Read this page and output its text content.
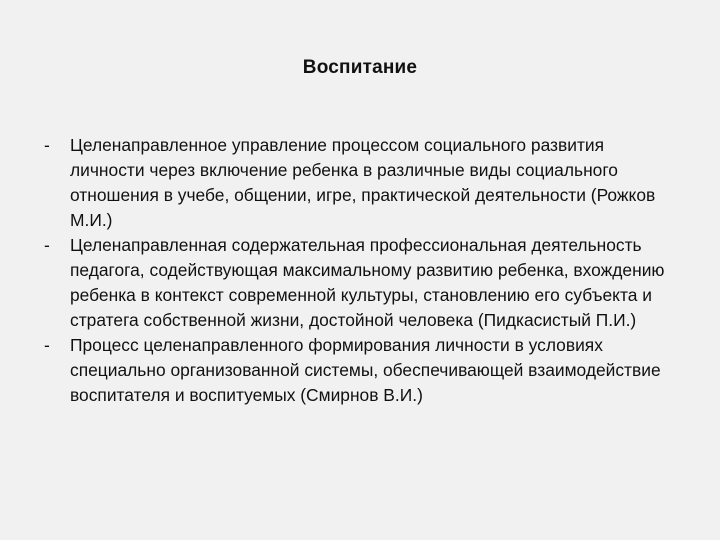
Воспитание
- Целенаправленное управление процессом социального развития личности через включение ребенка в различные виды социального отношения в учебе, общении, игре, практической деятельности (Рожков М.И.)
- Целенаправленная содержательная профессиональная деятельность педагога, содействующая максимальному развитию ребенка, вхождению ребенка в контекст современной культуры, становлению его субъекта и стратега собственной жизни, достойной человека (Пидкасистый П.И.)
- Процесс целенаправленного формирования личности в условиях специально организованной системы, обеспечивающей взаимодействие воспитателя и воспитуемых (Смирнов В.И.)
